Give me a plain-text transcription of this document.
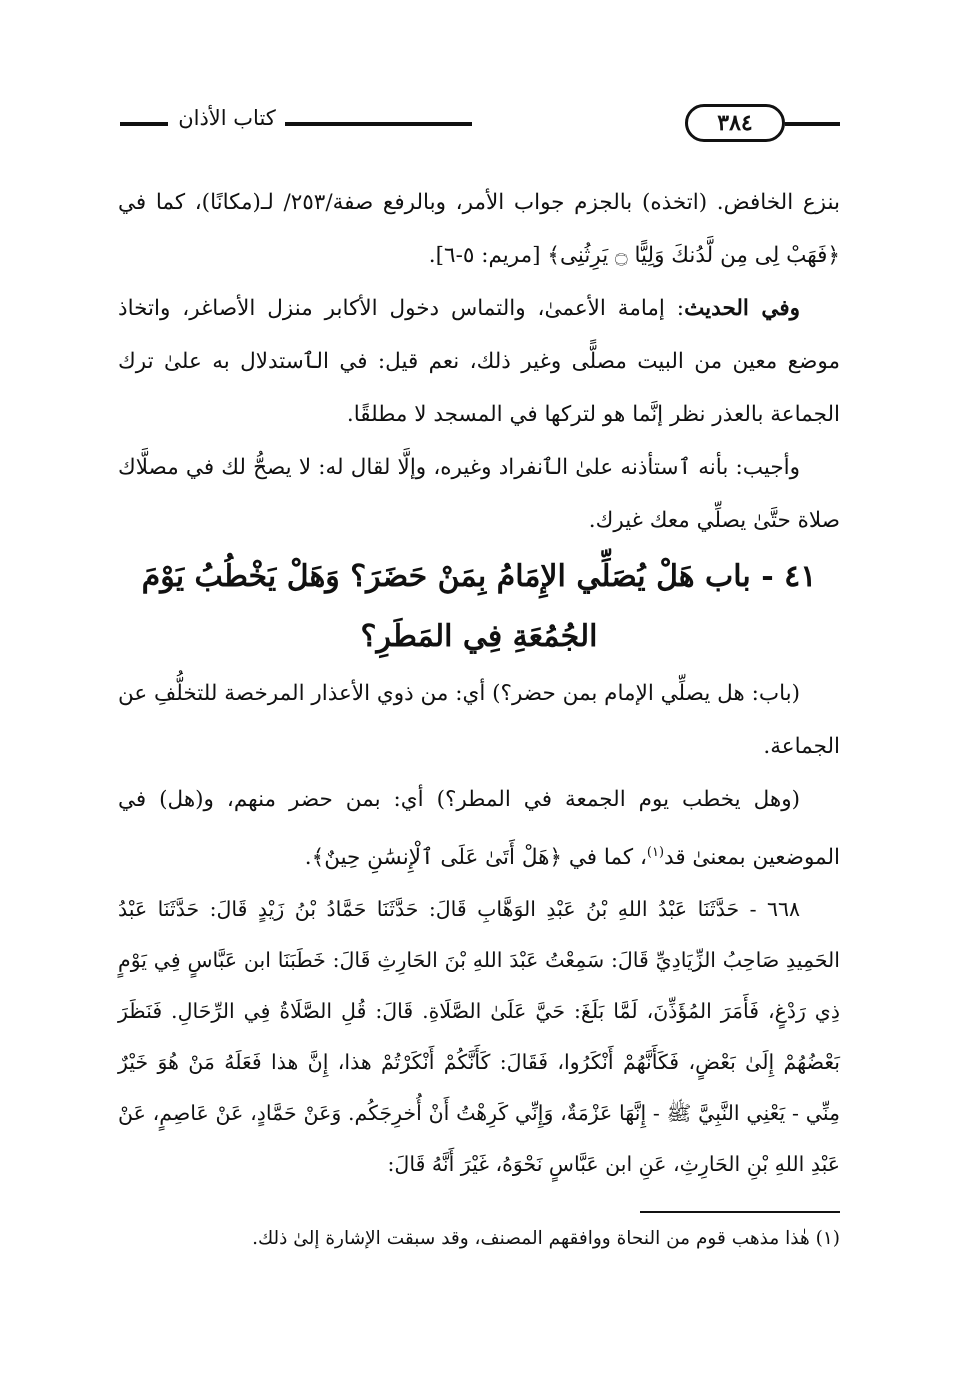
كتاب الأذان	٣٨٤

بنزع الخافض. (اتخذه) بالجزم جواب الأمر، وبالرفع صفة/٢٥٣/ لـ(مكانًا)، كما في ﴿فَهَبْ لِى مِن لَّدُنكَ وَلِيًّا ۝ يَرِثُنِى﴾ [مريم: ٥-٦].

وفي الحديث: إمامة الأعمىٰ، والتماس دخول الأكابر منزل الأصاغر، واتخاذ موضع معين من البيت مصلًّى وغير ذلك، نعم قيل: في الٱستدلال به علىٰ ترك الجماعة بالعذر نظر إنَّما هو لتركها في المسجد لا مطلقًا.

وأجيب: بأنه ٱستأذنه علىٰ الٱنفراد وغيره، وإلَّا لقال له: لا يصحُّ لك في مصلَّاك صلاة حتَّىٰ يصلِّي معك غيرك.

٤١ - باب هَلْ يُصَلِّي الإِمَامُ بِمَنْ حَضَرَ؟ وَهَلْ يَخْطُبُ يَوْمَ الجُمُعَةِ فِي المَطَرِ؟

(باب: هل يصلِّي الإمام بمن حضر؟) أي: من ذوي الأعذار المرخصة للتخلُّفِ عن الجماعة.

(وهل يخطب يوم الجمعة في المطر؟) أي: بمن حضر منهم، و(هل) في الموضعين بمعنىٰ قد$^{(١)}$، كما في ﴿هَلْ أَتَىٰ عَلَى ٱلْإِنسَٰنِ حِينٌ﴾.

٦٦٨ - حَدَّثَنَا عَبْدُ اللهِ بْنُ عَبْدِ الوَهَّابِ قَالَ: حَدَّثَنَا حَمَّادُ بْنُ زَيْدٍ قَالَ: حَدَّثَنَا عَبْدُ الحَمِيدِ صَاحِبُ الزِّيَادِيِّ قَالَ: سَمِعْتُ عَبْدَ اللهِ بْنَ الحَارِثِ قَالَ: خَطَبَنَا ابن عَبَّاسٍ فِي يَوْمٍ ذِي رَدْغٍ، فَأَمَرَ المُؤَذِّنَ، لَمَّا بَلَغَ: حَيَّ عَلَىٰ الصَّلَاةِ. قَالَ: قُلِ الصَّلَاةُ فِي الرِّحَالِ. فَنَظَرَ بَعْضُهُمْ إِلَىٰ بَعْضٍ، فَكَأَنَّهُمْ أَنْكَرُوا، فَقَالَ: كَأَنَّكُمْ أَنْكَرْتُمْ هذا، إِنَّ هذا فَعَلَهُ مَنْ هُوَ خَيْرٌ مِنِّي - يَعْنِي النَّبِيَّ ﷺ - إِنَّهَا عَزْمَةٌ، وَإِنِّي كَرِهْتُ أَنْ أُخرِجَكُم. وَعَنْ حَمَّادٍ، عَنْ عَاصِمٍ، عَنْ عَبْدِ اللهِ بْنِ الحَارِثِ، عَنِ ابن عَبَّاسٍ نَحْوَهُ، غَيْرَ أَنَّهُ قَالَ:

(١) هٰذا مذهب قوم من النحاة ووافقهم المصنف، وقد سبقت الإشارة إلىٰ ذلك.
